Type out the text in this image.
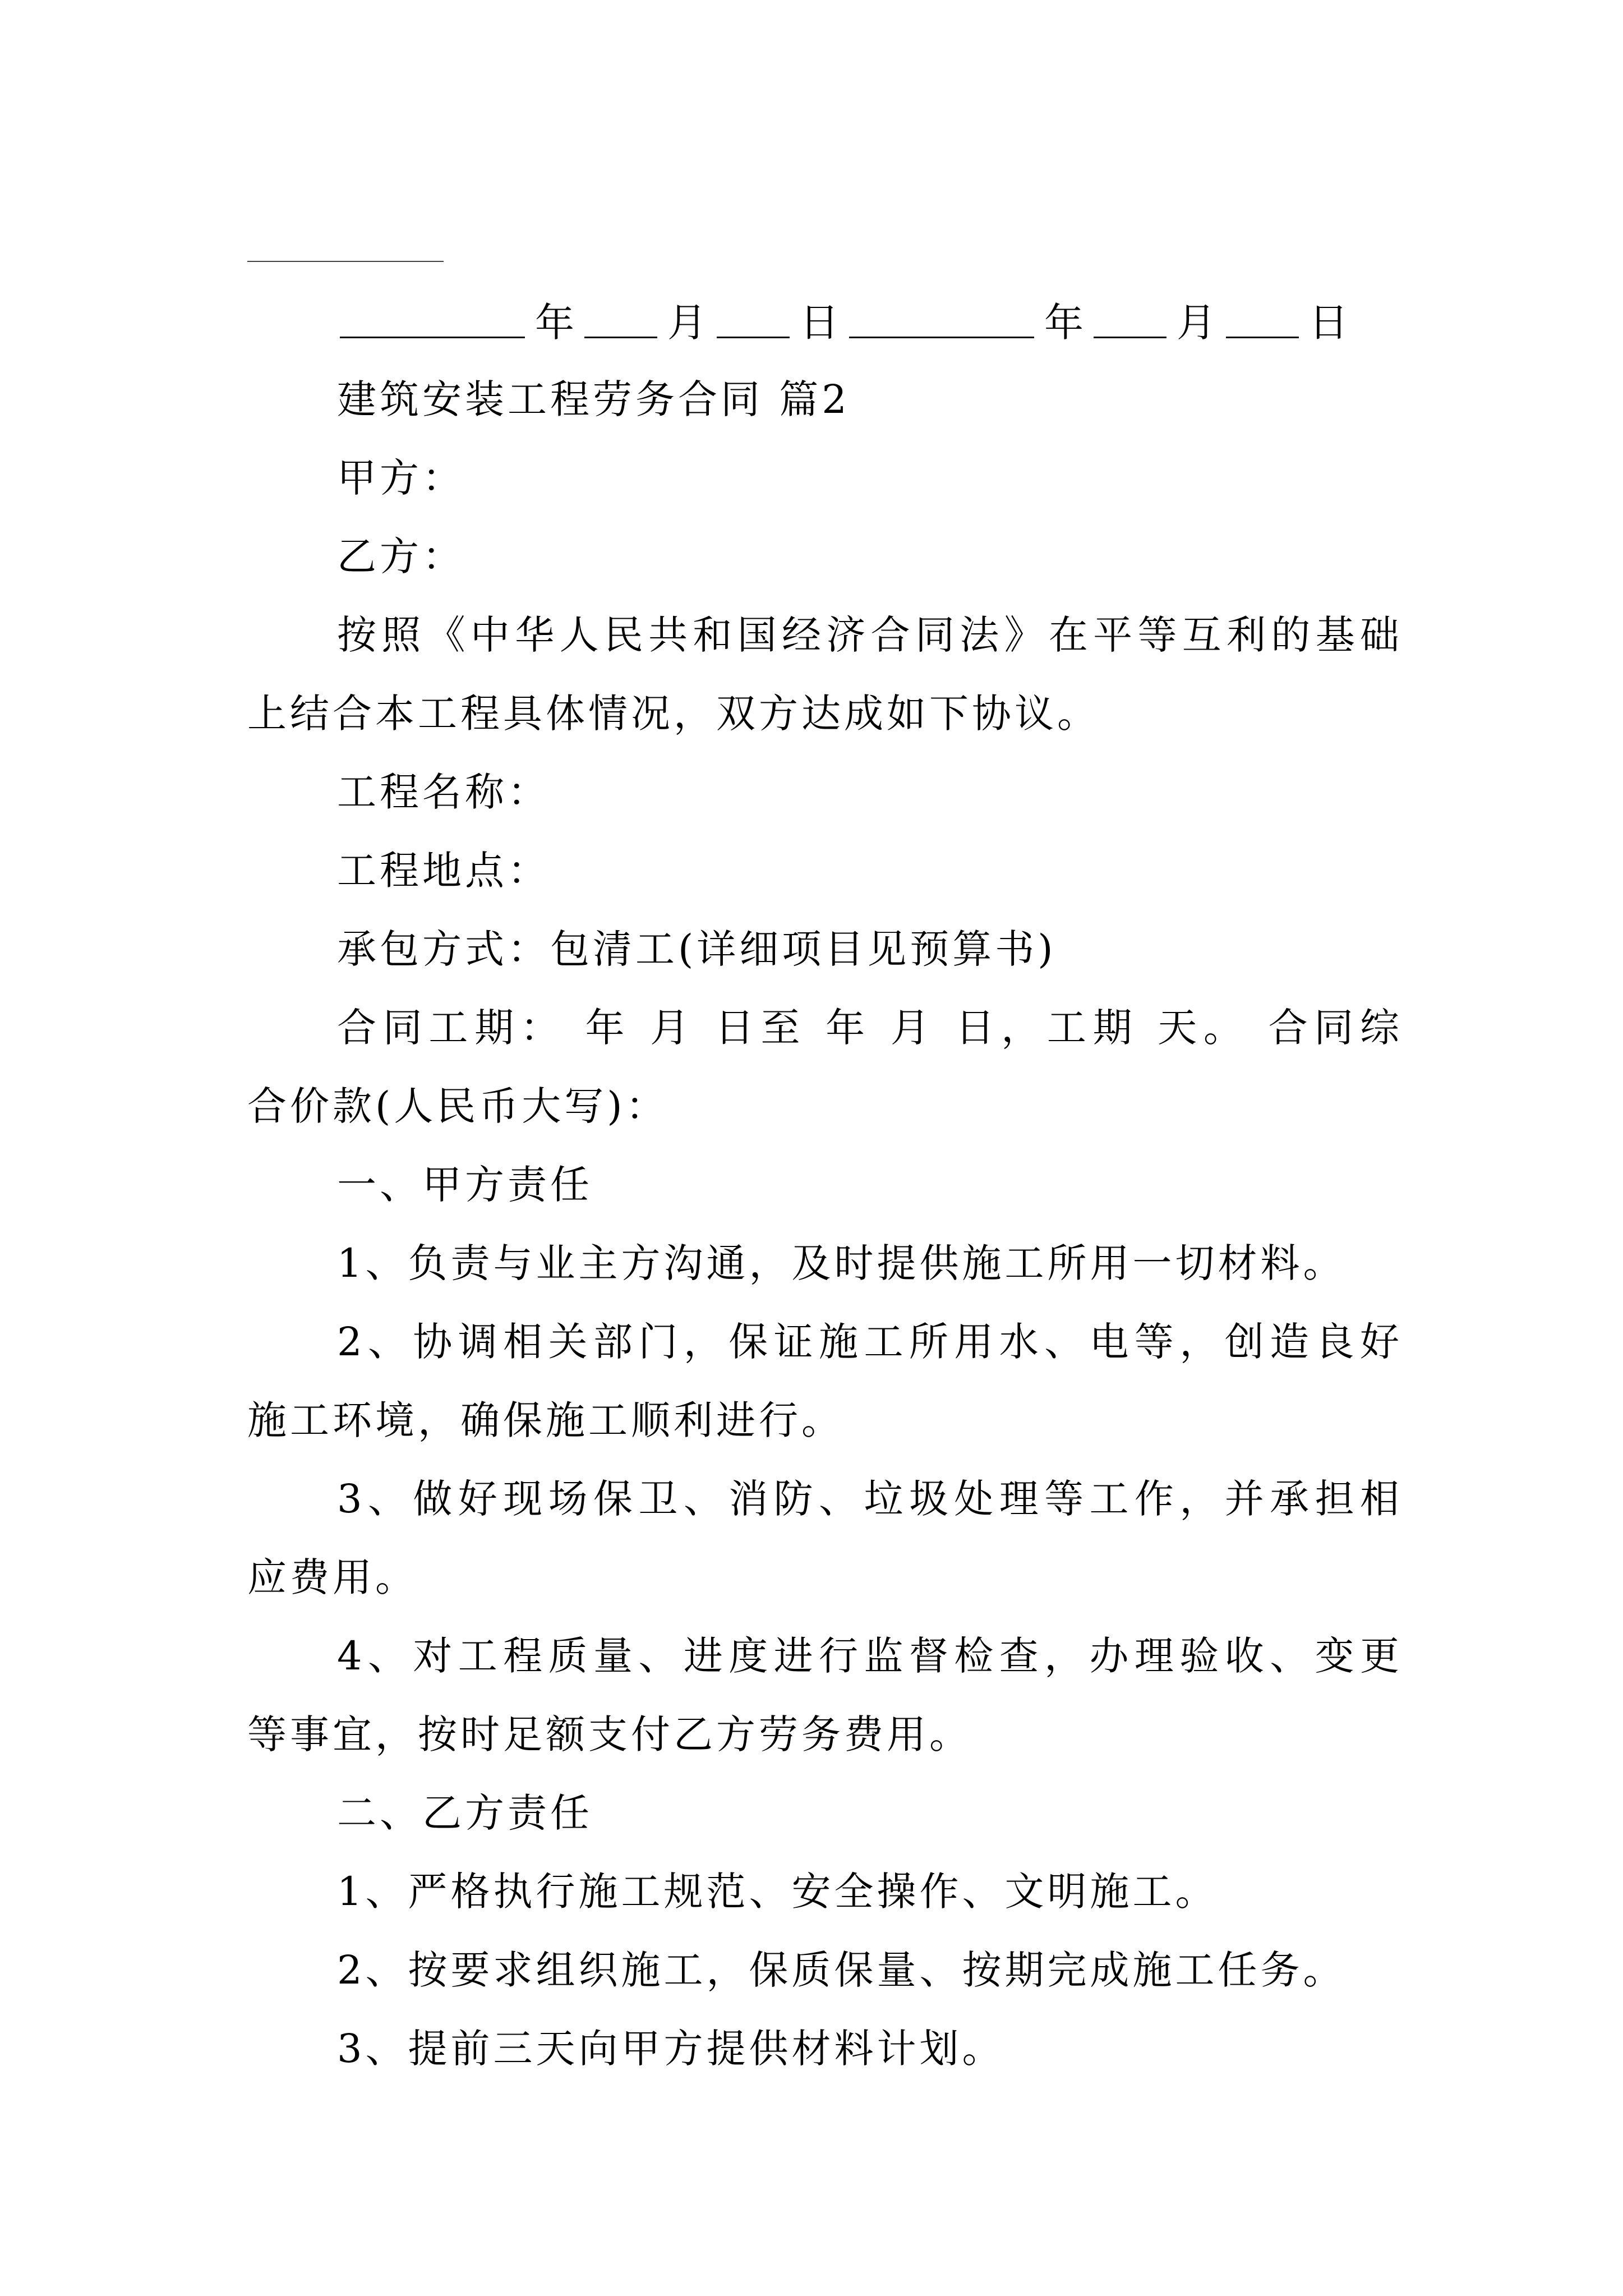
年 月 日	年 月 日
建筑安装工程劳务合同 篇2
甲方：
乙方：
按照《中华人民共和国经济合同法》在平等互利的基础
上结合本工程具体情况，双方达成如下协议。
工程名称：
工程地点：
承包方式：包清工(详细项目见预算书)
合同工期： 年 月 日至 年 月 日，工期 天。 合同综
合价款(人民币大写)：
一、甲方责任
1、负责与业主方沟通，及时提供施工所用一切材料。
2、协调相关部门，保证施工所用水、电等，创造良好
施工环境，确保施工顺利进行。
3、做好现场保卫、消防、垃圾处理等工作，并承担相
应费用。
4、对工程质量、进度进行监督检查，办理验收、变更
等事宜，按时足额支付乙方劳务费用。
二、乙方责任
1、严格执行施工规范、安全操作、文明施工。
2、按要求组织施工，保质保量、按期完成施工任务。
3、提前三天向甲方提供材料计划。
